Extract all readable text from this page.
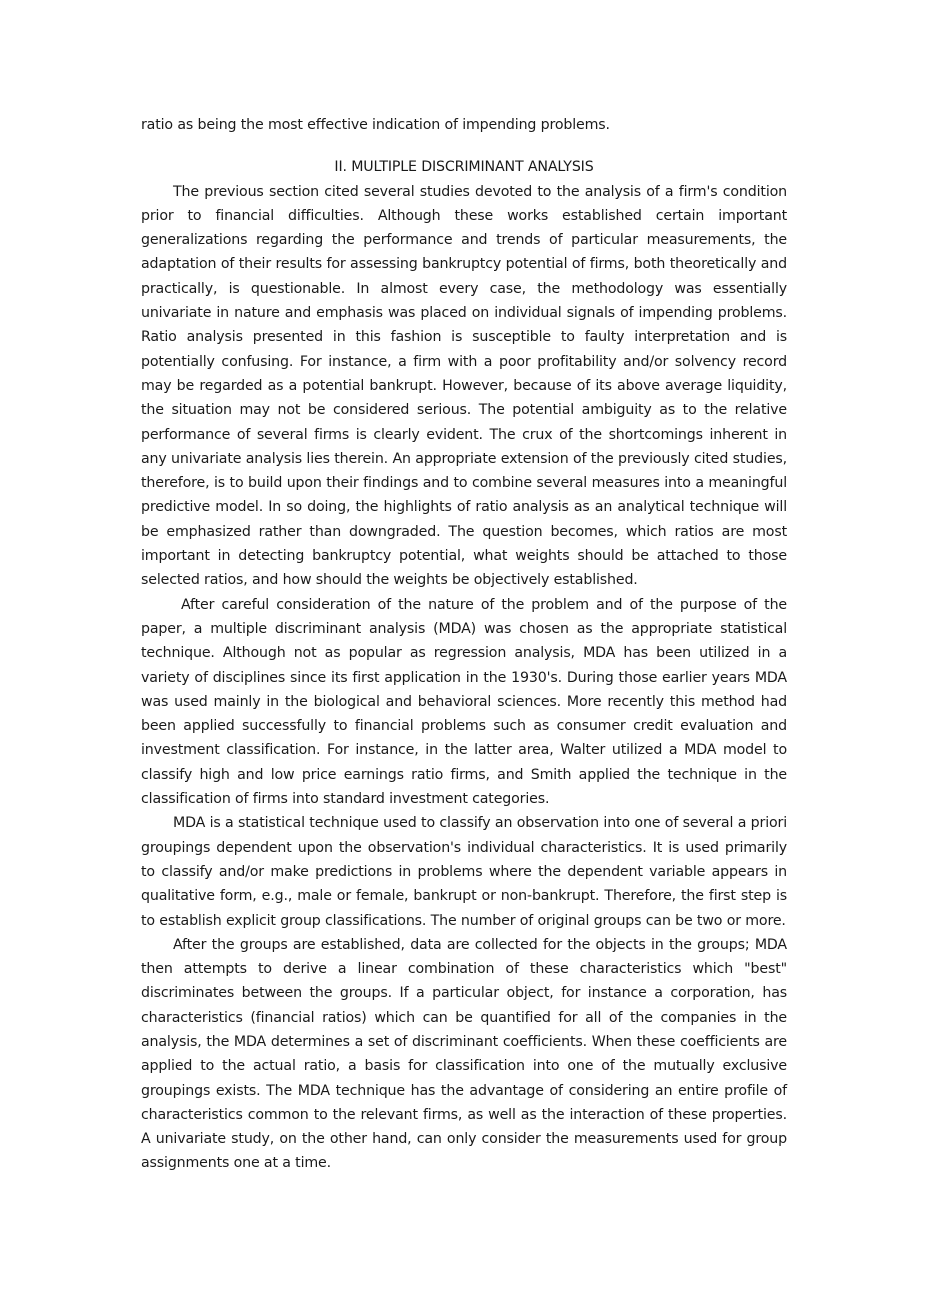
ratio as being the most effective indication of impending problems.

II. MULTIPLE DISCRIMINANT ANALYSIS

The previous section cited several studies devoted to the analysis of a firm's condition prior to financial difficulties. Although these works established certain important generalizations regarding the performance and trends of particular measurements, the adaptation of their results for assessing bankruptcy potential of firms, both theoretically and practically, is questionable. In almost every case, the methodology was essentially univariate in nature and emphasis was placed on individual signals of impending problems. Ratio analysis presented in this fashion is susceptible to faulty interpretation and is potentially confusing. For instance, a firm with a poor profitability and/or solvency record may be regarded as a potential bankrupt. However, because of its above average liquidity, the situation may not be considered serious. The potential ambiguity as to the relative performance of several firms is clearly evident. The crux of the shortcomings inherent in any univariate analysis lies therein. An appropriate extension of the previously cited studies, therefore, is to build upon their findings and to combine several measures into a meaningful predictive model. In so doing, the highlights of ratio analysis as an analytical technique will be emphasized rather than downgraded. The question becomes, which ratios are most important in detecting bankruptcy potential, what weights should be attached to those selected ratios, and how should the weights be objectively established.

After careful consideration of the nature of the problem and of the purpose of the paper, a multiple discriminant analysis (MDA) was chosen as the appropriate statistical technique. Although not as popular as regression analysis, MDA has been utilized in a variety of disciplines since its first application in the 1930's. During those earlier years MDA was used mainly in the biological and behavioral sciences. More recently this method had been applied successfully to financial problems such as consumer credit evaluation and investment classification. For instance, in the latter area, Walter utilized a MDA model to classify high and low price earnings ratio firms, and Smith applied the technique in the classification of firms into standard investment categories.

MDA is a statistical technique used to classify an observation into one of several a priori groupings dependent upon the observation's individual characteristics. It is used primarily to classify and/or make predictions in problems where the dependent variable appears in qualitative form, e.g., male or female, bankrupt or non-bankrupt. Therefore, the first step is to establish explicit group classifications. The number of original groups can be two or more.

After the groups are established, data are collected for the objects in the groups; MDA then attempts to derive a linear combination of these characteristics which "best" discriminates between the groups. If a particular object, for instance a corporation, has characteristics (financial ratios) which can be quantified for all of the companies in the analysis, the MDA determines a set of discriminant coefficients. When these coefficients are applied to the actual ratio, a basis for classification into one of the mutually exclusive groupings exists. The MDA technique has the advantage of considering an entire profile of characteristics common to the relevant firms, as well as the interaction of these properties. A univariate study, on the other hand, can only consider the measurements used for group assignments one at a time.
